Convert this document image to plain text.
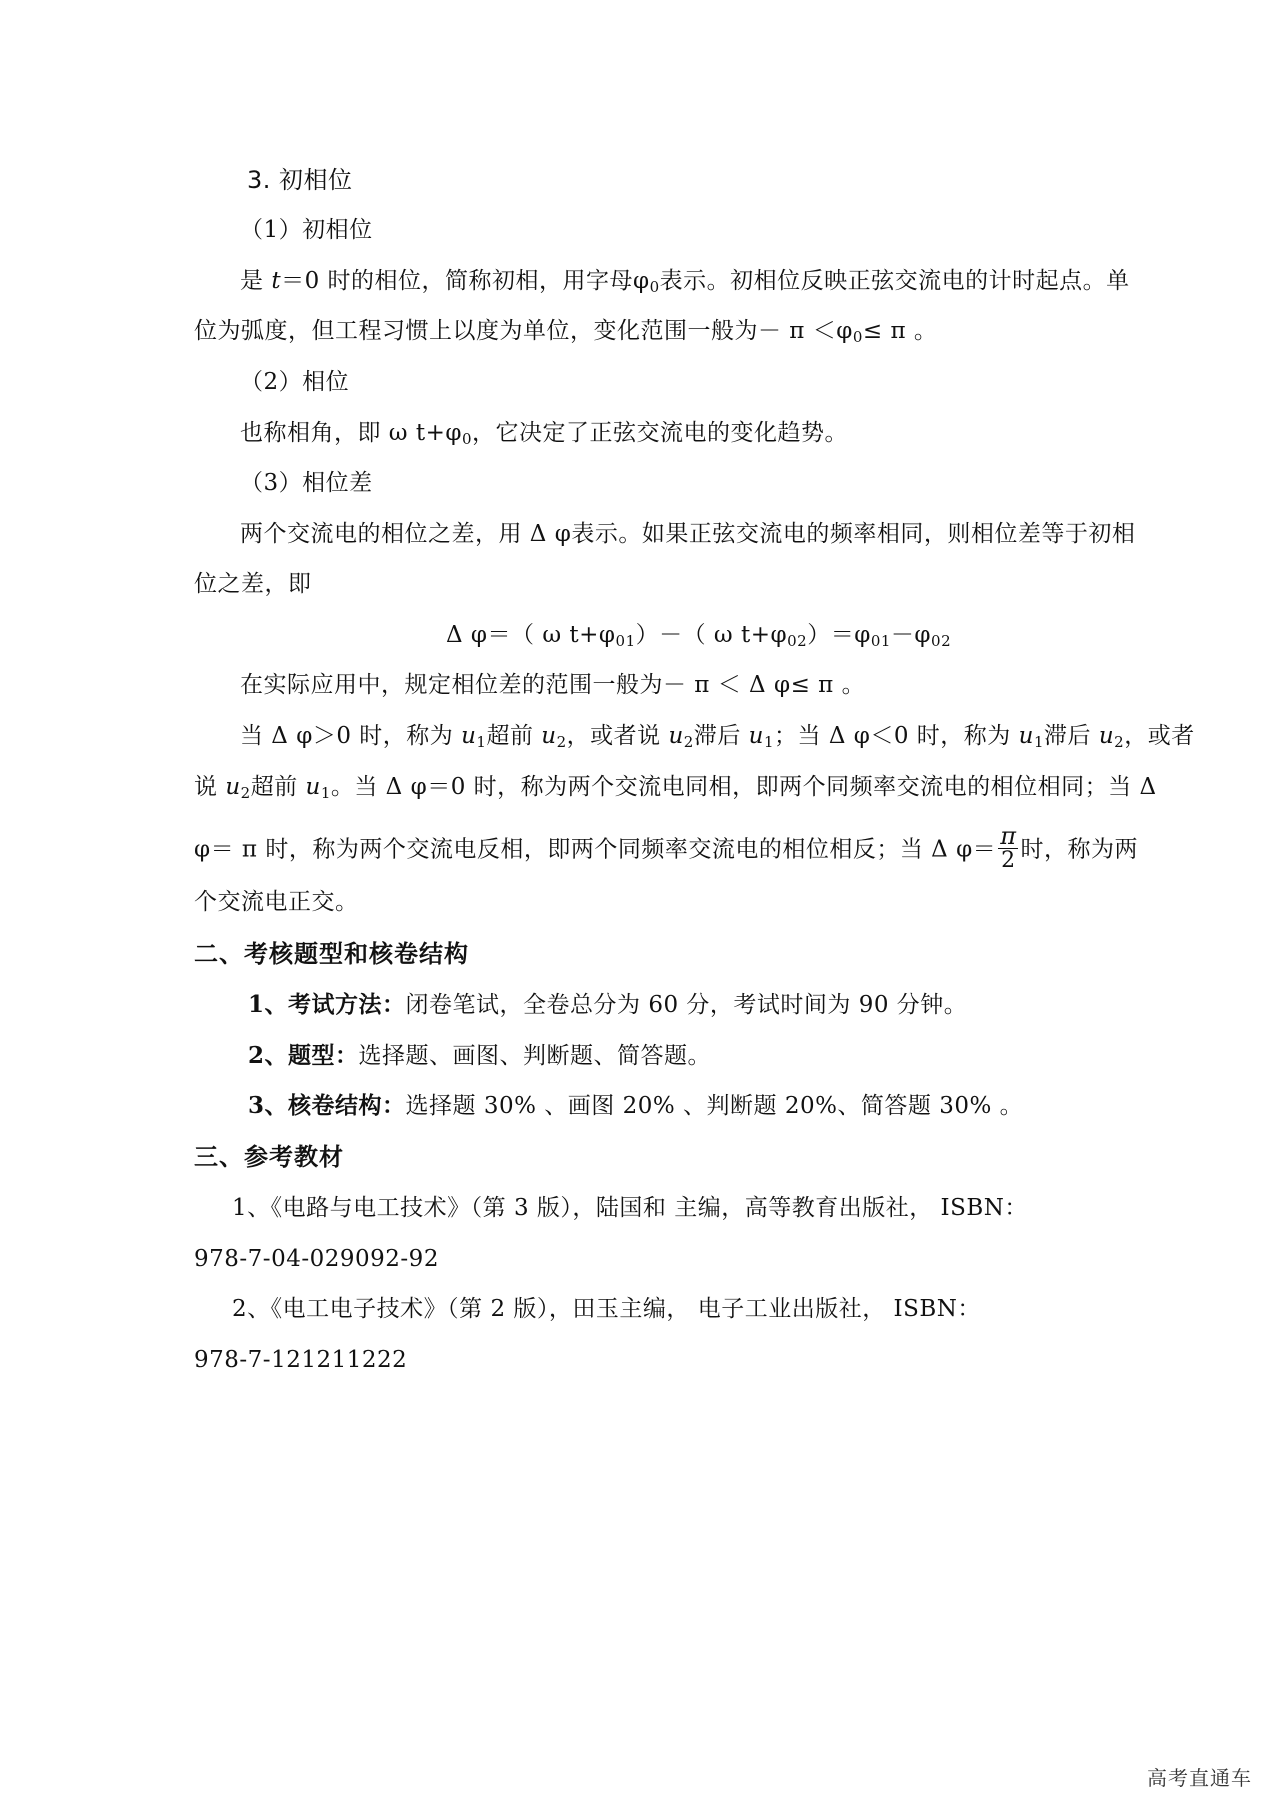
3. 初相位
（1）初相位
是 t＝0 时的相位，简称初相，用字母$\varphi_0$表示。初相位反映正弦交流电的计时起点。单
位为弧度，但工程习惯上以度为单位，变化范围一般为－ $\pi <\varphi_0\le \pi$ 。
（2）相位
也称相角，即 ω $t+\varphi_0$，它决定了正弦交流电的变化趋势。
（3）相位差
两个交流电的相位之差，用 Δ φ表示。如果正弦交流电的频率相同，则相位差等于初相
位之差，即
Δ φ＝（ ω $t+\varphi_{01})-$（ ω $t+\varphi_{02})=\varphi_{01}-\varphi_{02}$
在实际应用中，规定相位差的范围一般为－ π ＜ Δ φ≤ π 。
当 Δ φ＞0 时，称为 $u_1$超前 $u_2$，或者说 $u_2$滞后 $u_1$；当 Δ φ＜0 时，称为 $u_1$滞后 $u_2$，或者
说 $u_2$超前 $u_1$。当 Δ φ＝0 时，称为两个交流电同相，即两个同频率交流电的相位相同；当 Δ
φ＝ π 时，称为两个交流电反相，即两个同频率交流电的相位相反；当 Δ $\varphi= \frac{\pi}{2}$ 时，称为两
个交流电正交。
二、考核题型和核卷结构
1、考试方法：闭卷笔试，全卷总分为 60 分，考试时间为 90 分钟。
2、题型：选择题、画图、判断题、简答题。
3、核卷结构：选择题 30% 、画图 20% 、判断题 20%、简答题 30% 。
三、参考教材
1、《电路与电工技术》（第 3 版），陆国和 主编，高等教育出版社， ISBN：
978-7-04-029092-92
2、《电工电子技术》（第 2 版），田玉主编， 电子工业出版社， ISBN：
978-7-121211222
高考直通车
